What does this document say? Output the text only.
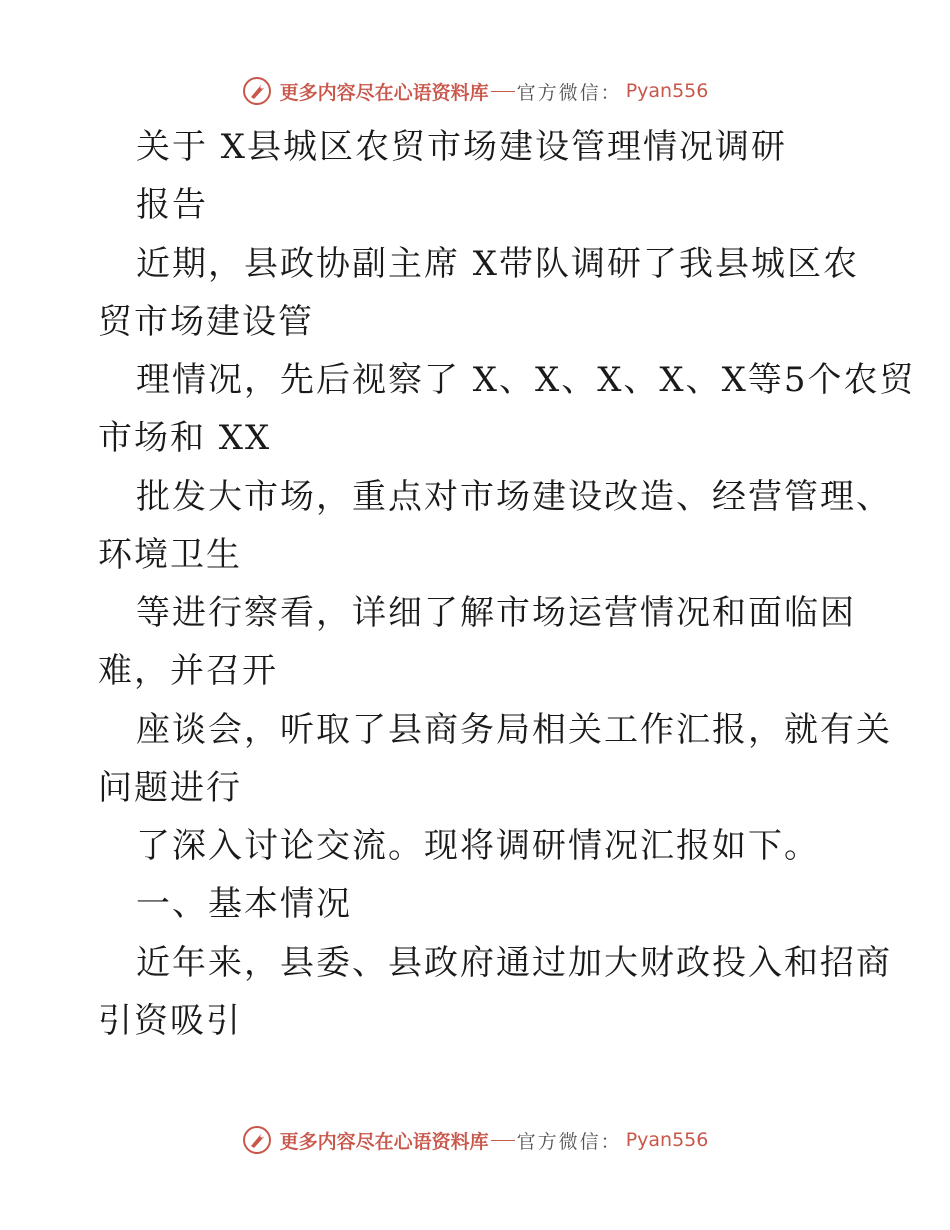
更多内容尽在心语资料库 官方微信： Pyan556
关于 X县城区农贸市场建设管理情况调研
报告
近期，县政协副主席 X带队调研了我县城区农
贸市场建设管
理情况，先后视察了 X、X、X、X、X等5个农贸
市场和 XX
批发大市场，重点对市场建设改造、经营管理、
环境卫生
等进行察看，详细了解市场运营情况和面临困
难，并召开
座谈会，听取了县商务局相关工作汇报，就有关
问题进行
了深入讨论交流。现将调研情况汇报如下。
一、基本情况
近年来，县委、县政府通过加大财政投入和招商
引资吸引
更多内容尽在心语资料库 官方微信： Pyan556
